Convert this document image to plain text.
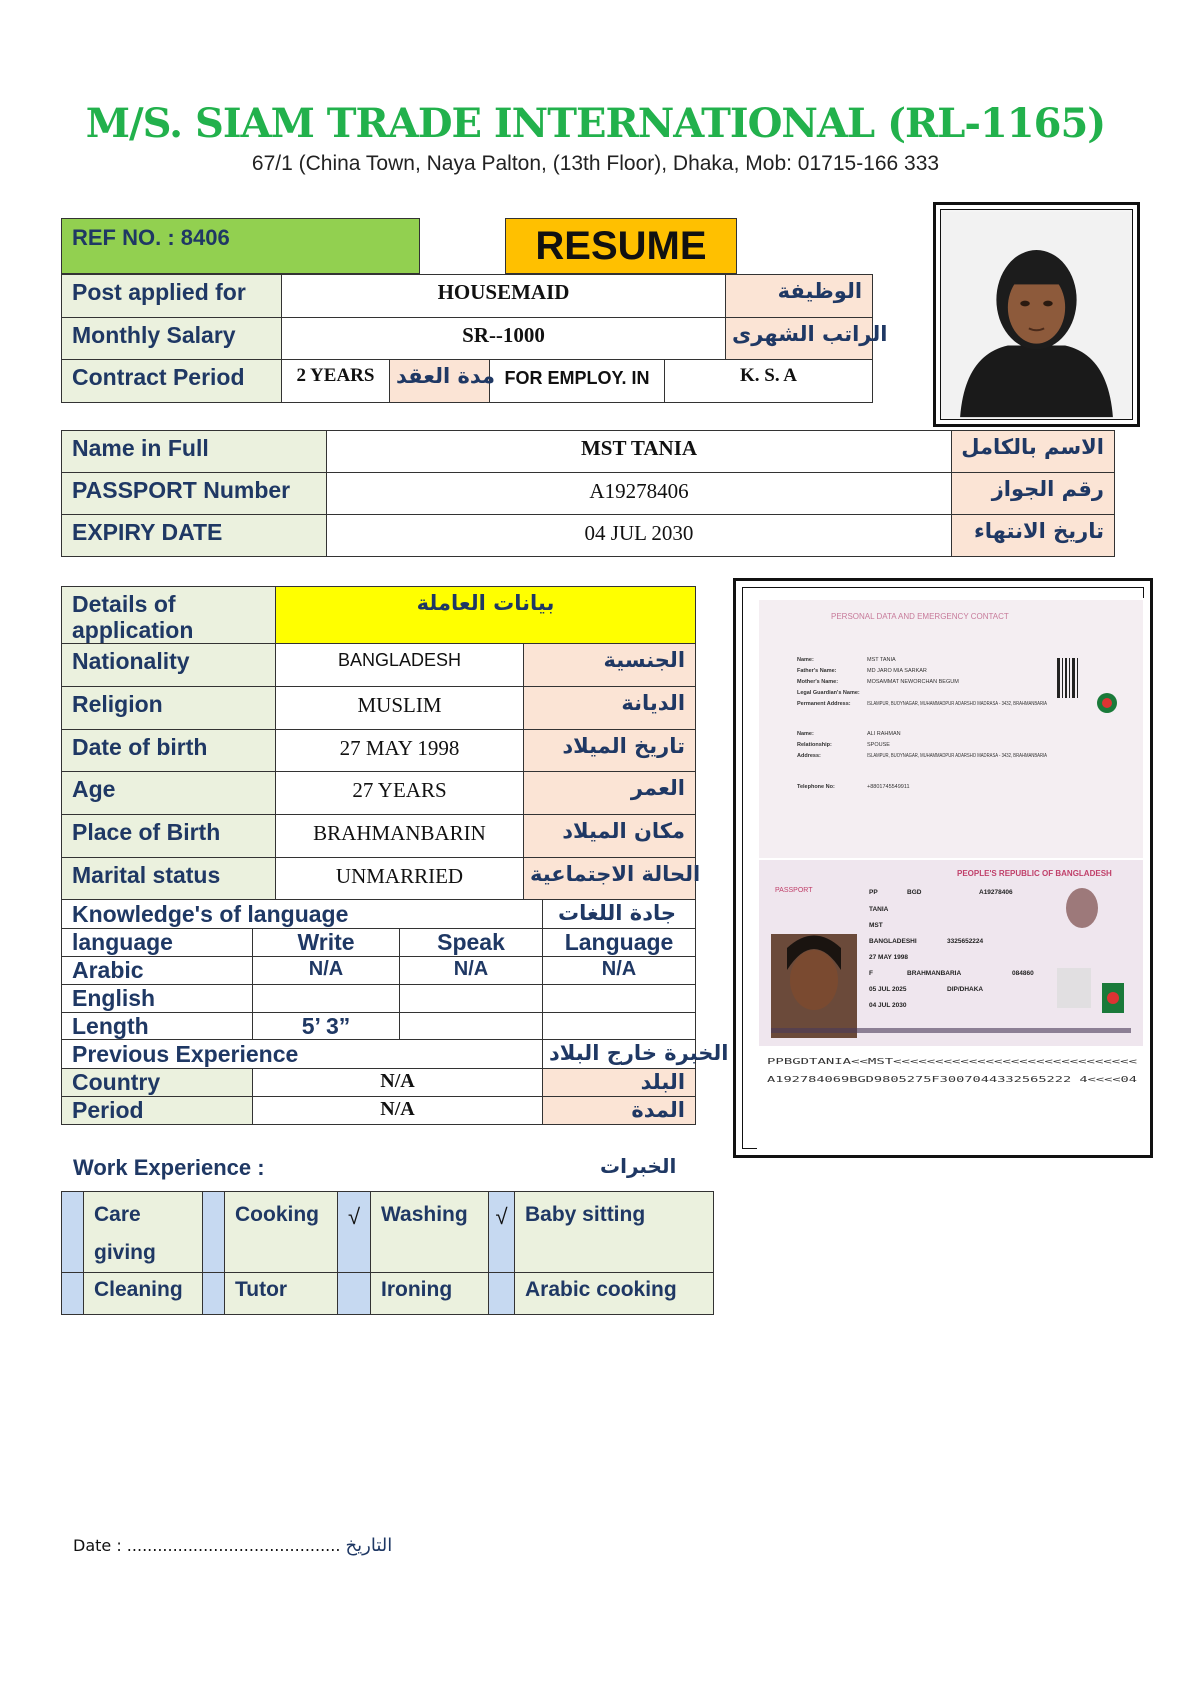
M/S. SIAM TRADE INTERNATIONAL (RL-1165)
67/1 (China Town, Naya Palton, (13th Floor), Dhaka, Mob: 01715-166 333
REF NO. : 8406	RESUME
Post applied for	HOUSEMAID				الوظيفة
Monthly Salary	SR--1000				الراتب الشهرى
Contract Period	2 YEARS	مدة العقد	FOR EMPLOY. IN	K. S. A	
Name in Full	MST TANIA	الاسم بالكامل
PASSPORT Number	A19278406	رقم الجواز
EXPIRY DATE	04 JUL 2030	تاريخ الانتهاء
Details of application	بيانات العاملة	
Nationality	BANGLADESH	الجنسية
Religion	MUSLIM	الديانة
Date of birth	27 MAY 1998	تاريخ الميلاد
Age	27 YEARS	العمر
Place of Birth	BRAHMANBARIN	مكان الميلاد
Marital status	UNMARRIED	الحالة الاجتماعية
Knowledge's of language			جادة اللغات
language	Write	Speak	Language
Arabic	N/A	N/A	N/A
English			
Length	5’ 3”		
Previous Experience		الخبرة خارج البلاد
Country	N/A	البلد
Period	N/A	المدة
PERSONAL DATA AND EMERGENCY CONTACT
Name:	MST TANIA
Father's Name:	MD JARO MIA SARKAR
Mother's Name:	MOSAMMAT NEWORCHAN BEGUM
Legal Guardian's Name:
Permanent Address:	ISLAMPUR, BUOYNAGAR, MUHAMMADPUR ADARSHO MADRASA - 3432, BRAHMANBARIA
Name:	ALI RAHMAN
Relationship:	SPOUSE
Address:	ISLAMPUR, BUOYNAGAR, MUHAMMADPUR ADARSHO MADRASA - 3432, BRAHMANBARIA
Telephone No:	+8801745549911
PEOPLE'S REPUBLIC OF BANGLADESH
PASSPORT	PP	BGD	A19278406
TANIA
MST
BANGLADESHI	3325652224
27 MAY 1998
F	BRAHMANBARIA	084860
05 JUL 2025	DIP/DHAKA
04 JUL 2030
PPBGDTANIA<<MST<<<<<<<<<<<<<<<<<<<<<<<<<<<<<
A192784069BGD9805275F3007044332565222 4<<<<04
Work Experience :	الخبرات
	Care giving		Cooking	√	Washing	√	Baby sitting
	Cleaning		Tutor		Ironing		Arabic cooking
Date : .......................................... التاريخ
